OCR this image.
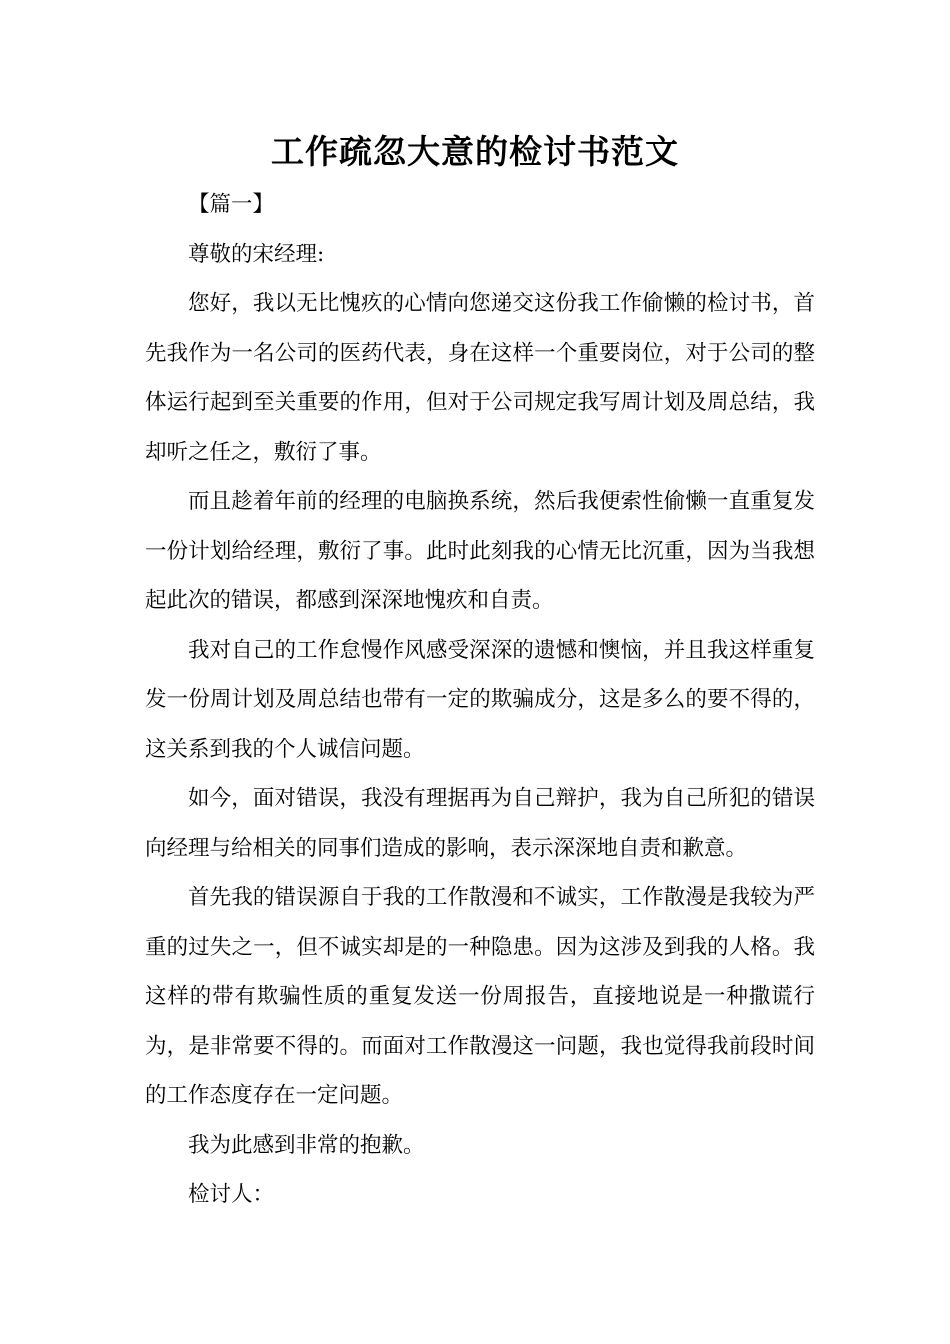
工作疏忽大意的检讨书范文

【篇一】

尊敬的宋经理:

您好，我以无比愧疚的心情向您递交这份我工作偷懒的检讨书，首先我作为一名公司的医药代表，身在这样一个重要岗位，对于公司的整体运行起到至关重要的作用，但对于公司规定我写周计划及周总结，我却听之任之，敷衍了事。

而且趁着年前的经理的电脑换系统，然后我便索性偷懒一直重复发一份计划给经理，敷衍了事。此时此刻我的心情无比沉重，因为当我想起此次的错误，都感到深深地愧疚和自责。

我对自己的工作怠慢作风感受深深的遗憾和懊恼，并且我这样重复发一份周计划及周总结也带有一定的欺骗成分，这是多么的要不得的，这关系到我的个人诚信问题。

如今，面对错误，我没有理据再为自己辩护，我为自己所犯的错误向经理与给相关的同事们造成的影响，表示深深地自责和歉意。

首先我的错误源自于我的工作散漫和不诚实，工作散漫是我较为严重的过失之一，但不诚实却是的一种隐患。因为这涉及到我的人格。我这样的带有欺骗性质的重复发送一份周报告，直接地说是一种撒谎行为，是非常要不得的。而面对工作散漫这一问题，我也觉得我前段时间的工作态度存在一定问题。

我为此感到非常的抱歉。

检讨人：
